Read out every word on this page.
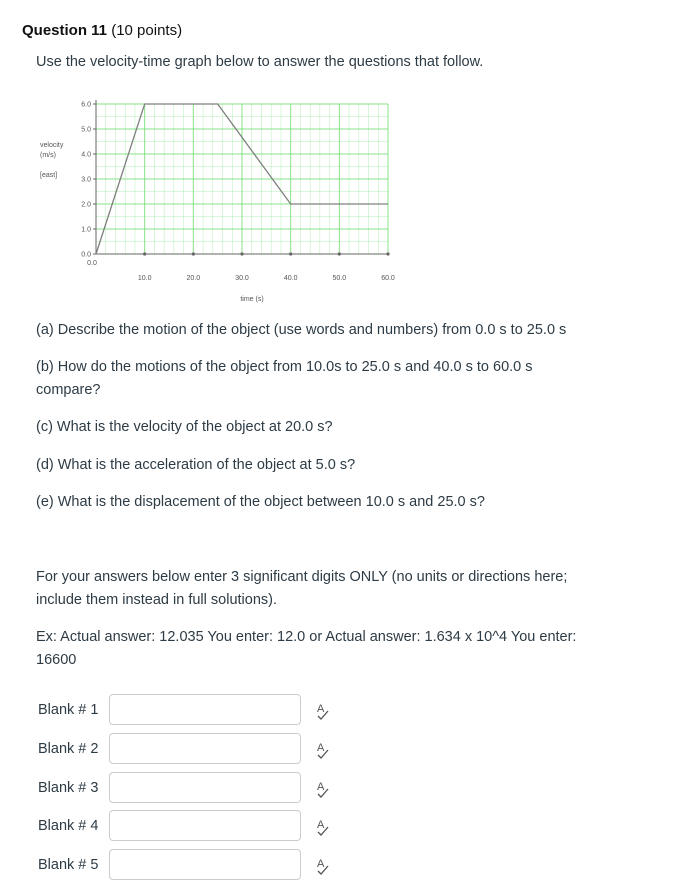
Question 11 (10 points)
Use the velocity-time graph below to answer the questions that follow.
0.0
1.0
2.0
3.0
4.0
5.0
6.0
0.0
10.0	20.0	30.0	40.0	50.0	60.0
velocity
(m/s)
[east]
time (s)
(a) Describe the motion of the object (use words and numbers) from 0.0 s to 25.0 s
(b) How do the motions of the object from 10.0s to 25.0 s and 40.0 s to 60.0 s
compare?
(c) What is the velocity of the object at 20.0 s?
(d) What is the acceleration of the object at 5.0 s?
(e) What is the displacement of the object between 10.0 s and 25.0 s?
For your answers below enter 3 significant digits ONLY (no units or directions here;
include them instead in full solutions).
Ex: Actual answer: 12.035 You enter: 12.0 or Actual answer: 1.634 x 10^4 You enter:
16600
Blank # 1	A
Blank # 2	A
Blank # 3	A
Blank # 4	A
Blank # 5	A
